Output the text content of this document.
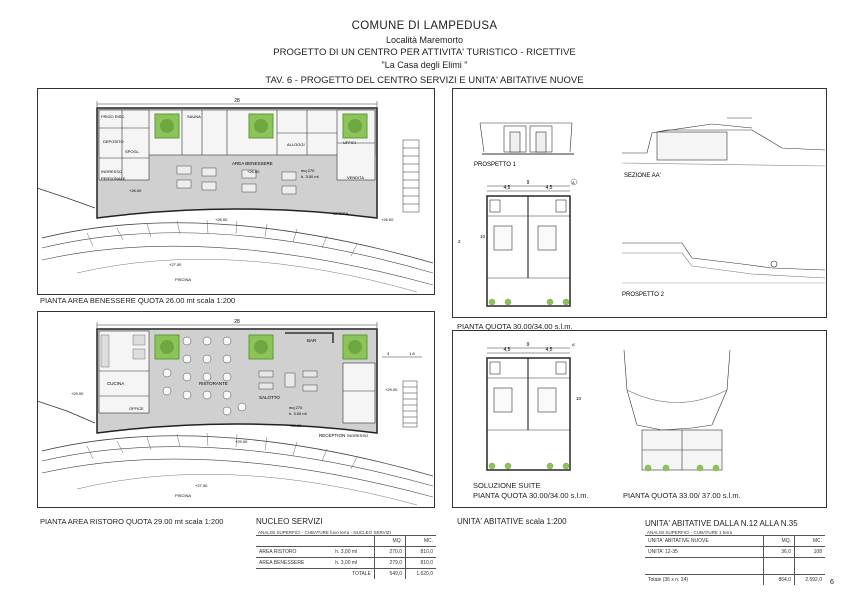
COMUNE DI LAMPEDUSA
Località Maremorto
PROGETTO DI UN CENTRO PER ATTIVITA' TURISTICO - RICETTIVE
"La Casa degli Elimi "
TAV. 6 - PROGETTO DEL CENTRO SERVIZI E UNITA' ABITATIVE NUOVE
28
FRIGO RISC.	SAUNA
DEPOSITO
SPOGL.
INGRESSO
PERSONALE
ALLOGGI	UFFICI
AREA BENESSERE
mq 270
h. 3.00 ml	VENDITA
ATTESA
PISCINA
+26.00
+26.00
+26.00	+26.00
+27.00
PIANTA AREA BENESSERE QUOTA 26.00 mt scala 1:200
28
BAR
CUCINA	RISTORANTE
SALOTTO
OFFICE
RECEPTION INGRESSO
mq 270
h. 3.00 ml
PISCINA
+29.00
+29.00
+29.00
+29.00
+27.00
3	1.8
PIANTA AREA RISTORO QUOTA 29.00 mt scala 1:200
PROSPETTO 1
SEZIONE AA'
PROSPETTO 2
9
4,5	4,5
10
A
2
PIANTA QUOTA 30.00/34.00 s.l.m.
9
4,5	4,5
10
A'
SOLUZIONE SUITE
PIANTA QUOTA 30.00/34.00 s.l.m.	PIANTA QUOTA 33.00/ 37.00 s.l.m.
NUCLEO SERVIZI
ANALISI SUPERFICI - CUBATURE fuori terra - NUCLEO SERVIZI
		MQ.	MC.
AREA RISTORO	h. 3,00 ml	270,0	810,0
AREA BENESSERE	h. 3,00 ml	279,0	810,0
	TOTALE	549,0	1.620,0
UNITA' ABITATIVE scala 1:200	UNITA' ABITATIVE DALLA N.12 ALLA N.35
ANALISI SUPERFICI - CUBATURE 1 terra
UNITA' ABITATIVE NUOVE	MQ.	MC.
UNITA' 12-35	36,0	108

Totale (36 x n. 24)	864,0	2.592,0 6
